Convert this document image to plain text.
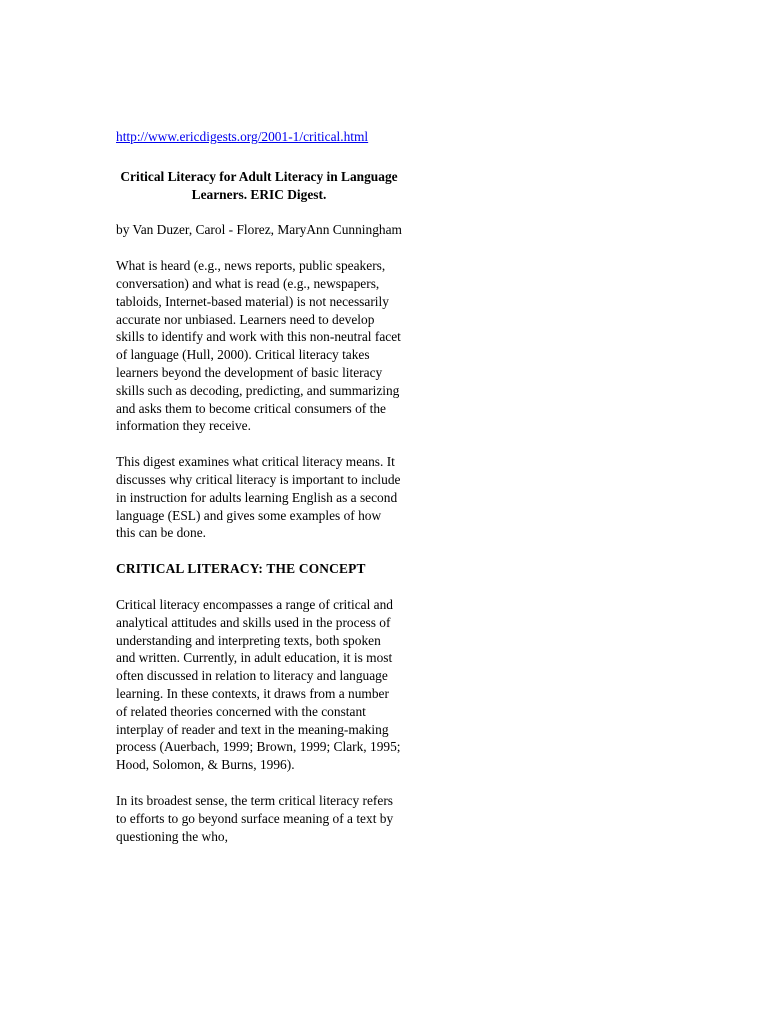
http://www.ericdigests.org/2001-1/critical.html
Critical Literacy for Adult Literacy in Language Learners. ERIC Digest.
by Van Duzer, Carol - Florez, MaryAnn Cunningham

What is heard (e.g., news reports, public speakers, conversation) and what is read (e.g., newspapers, tabloids, Internet-based material) is not necessarily accurate nor unbiased. Learners need to develop skills to identify and work with this non-neutral facet of language (Hull, 2000). Critical literacy takes learners beyond the development of basic literacy skills such as decoding, predicting, and summarizing and asks them to become critical consumers of the information they receive.

This digest examines what critical literacy means. It discusses why critical literacy is important to include in instruction for adults learning English as a second language (ESL) and gives some examples of how this can be done.

CRITICAL LITERACY: THE CONCEPT

Critical literacy encompasses a range of critical and analytical attitudes and skills used in the process of understanding and interpreting texts, both spoken and written. Currently, in adult education, it is most often discussed in relation to literacy and language learning. In these contexts, it draws from a number of related theories concerned with the constant interplay of reader and text in the meaning-making process (Auerbach, 1999; Brown, 1999; Clark, 1995; Hood, Solomon, & Burns, 1996).

In its broadest sense, the term critical literacy refers to efforts to go beyond surface meaning of a text by questioning the who,
